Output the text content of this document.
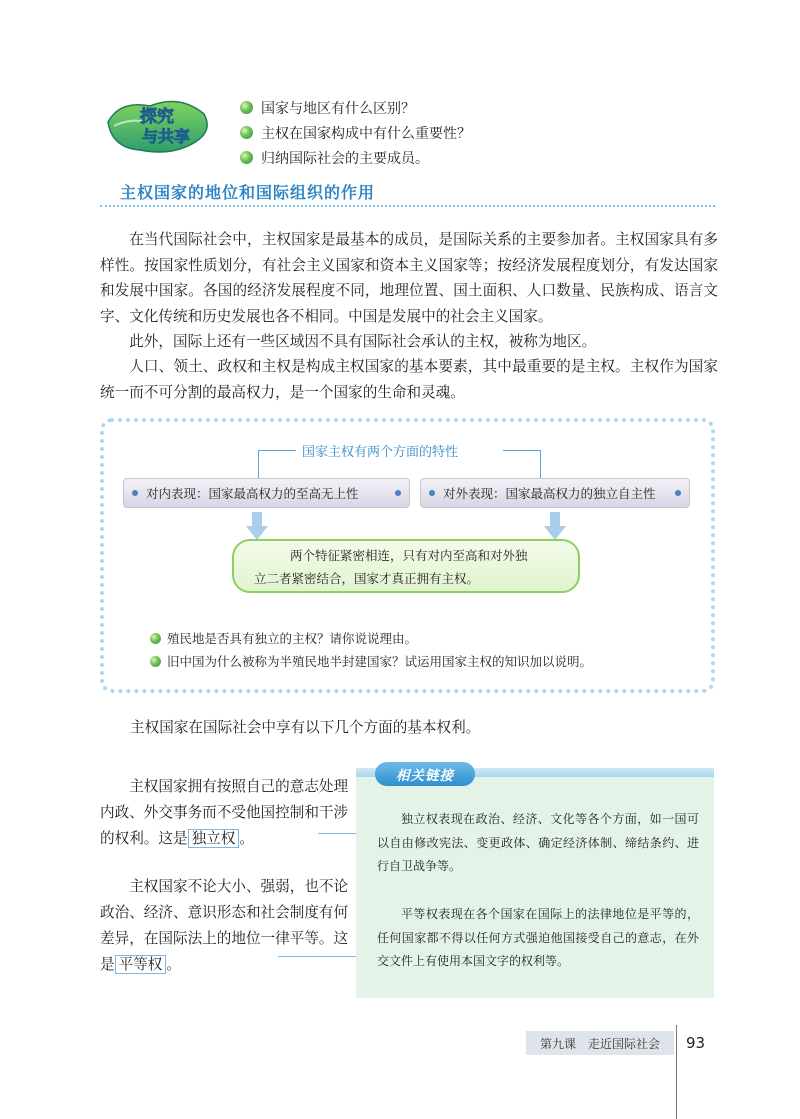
探究
与共享
国家与地区有什么区别？
主权在国家构成中有什么重要性？
归纳国际社会的主要成员。
主权国家的地位和国际组织的作用

在当代国际社会中，主权国家是最基本的成员，是国际关系的主要参加者。主权国家具有多样性。按国家性质划分，有社会主义国家和资本主义国家等；按经济发展程度划分，有发达国家和发展中国家。各国的经济发展程度不同，地理位置、国土面积、人口数量、民族构成、语言文字、文化传统和历史发展也各不相同。中国是发展中的社会主义国家。

此外，国际上还有一些区域因不具有国际社会承认的主权，被称为地区。

人口、领土、政权和主权是构成主权国家的基本要素，其中最重要的是主权。主权作为国家统一而不可分割的最高权力，是一个国家的生命和灵魂。

国家主权有两个方面的特性
对内表现：国家最高权力的至高无上性	对外表现：国家最高权力的独立自主性
两个特征紧密相连，只有对内至高和对外独
立二者紧密结合，国家才真正拥有主权。
殖民地是否具有独立的主权？请你说说理由。
旧中国为什么被称为半殖民地半封建国家？试运用国家主权的知识加以说明。
主权国家在国际社会中享有以下几个方面的基本权利。

主权国家拥有按照自己的意志处理内政、外交事务而不受他国控制和干涉的权利。这是 独立权 。

主权国家不论大小、强弱，也不论政治、经济、意识形态和社会制度有何差异，在国际法上的地位一律平等。这是 平等权 。

相关链接

独立权表现在政治、经济、文化等各个方面，如一国可以自由修改宪法、变更政体、确定经济体制、缔结条约、进行自卫战争等。

平等权表现在各个国家在国际上的法律地位是平等的，任何国家都不得以任何方式强迫他国接受自己的意志，在外交文件上有使用本国文字的权利等。

第九课　走近国际社会	93
